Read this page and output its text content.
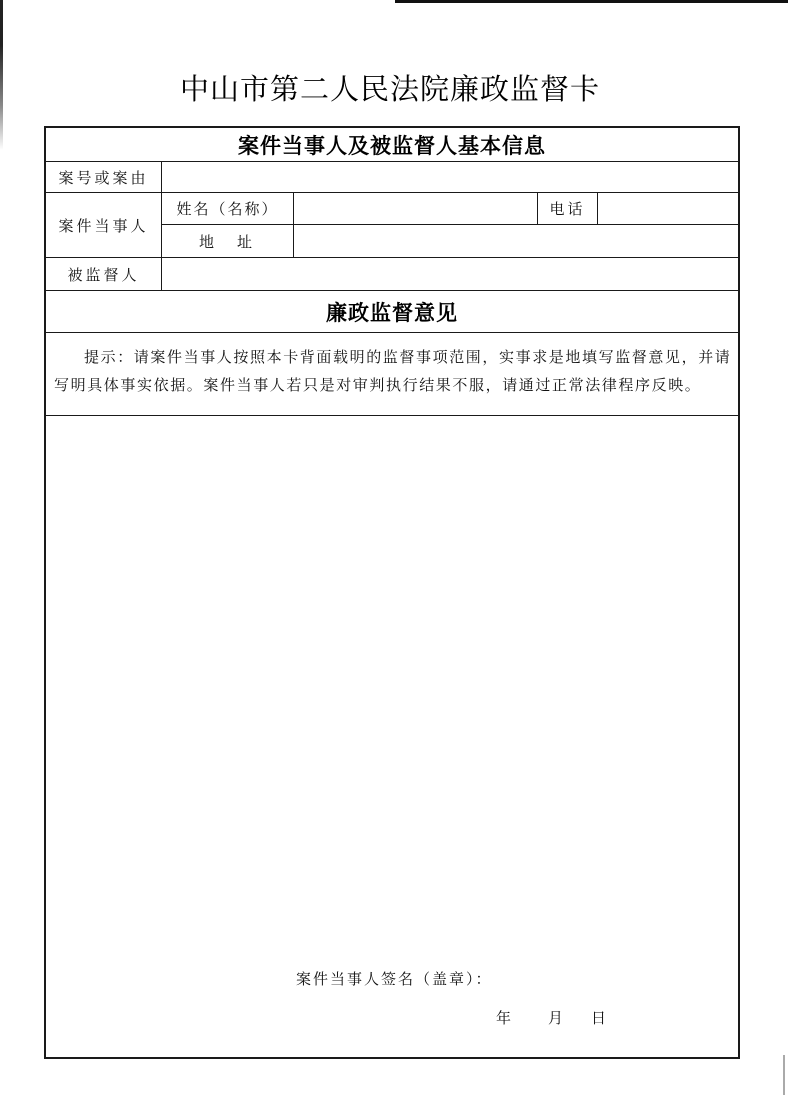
中山市第二人民法院廉政监督卡
案件当事人及被监督人基本信息
案号或案由
案件当事人
姓名（名称）	电话
地　址
被监督人
廉政监督意见

提示：请案件当事人按照本卡背面载明的监督事项范围，实事求是地填写监督意见，并请写明具体事实依据。案件当事人若只是对审判执行结果不服，请通过正常法律程序反映。

案件当事人签名（盖章）：
年 月 日
